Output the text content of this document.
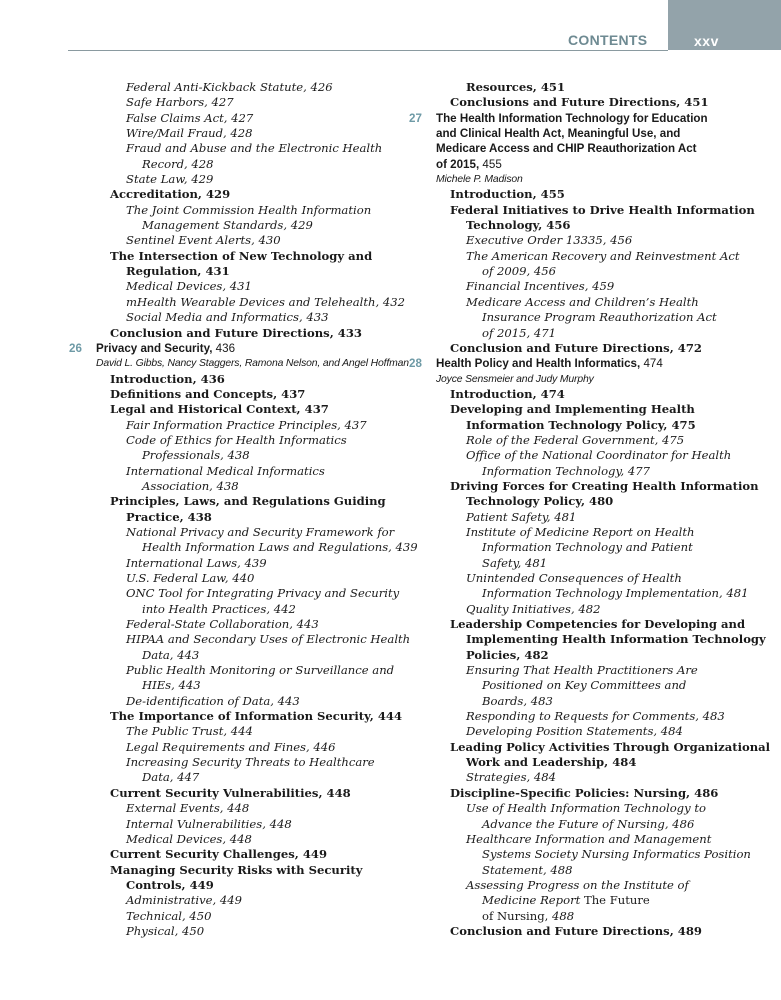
CONTENTS	xxv
Federal Anti-Kickback Statute, 426
Safe Harbors, 427
False Claims Act, 427
Wire/Mail Fraud, 428
Fraud and Abuse and the Electronic Health
Record, 428
State Law, 429
Accreditation, 429
The Joint Commission Health Information
Management Standards, 429
Sentinel Event Alerts, 430
The Intersection of New Technology and
Regulation, 431
Medical Devices, 431
mHealth Wearable Devices and Telehealth, 432
Social Media and Informatics, 433
Conclusion and Future Directions, 433
26 Privacy and Security, 436
David L. Gibbs, Nancy Staggers, Ramona Nelson, and Angel Hoffman
Introduction, 436
Definitions and Concepts, 437
Legal and Historical Context, 437
Fair Information Practice Principles, 437
Code of Ethics for Health Informatics
Professionals, 438
International Medical Informatics
Association, 438
Principles, Laws, and Regulations Guiding
Practice, 438
National Privacy and Security Framework for
Health Information Laws and Regulations, 439
International Laws, 439
U.S. Federal Law, 440
ONC Tool for Integrating Privacy and Security
into Health Practices, 442
Federal-State Collaboration, 443
HIPAA and Secondary Uses of Electronic Health
Data, 443
Public Health Monitoring or Surveillance and
HIEs, 443
De-identification of Data, 443
The Importance of Information Security, 444
The Public Trust, 444
Legal Requirements and Fines, 446
Increasing Security Threats to Healthcare
Data, 447
Current Security Vulnerabilities, 448
External Events, 448
Internal Vulnerabilities, 448
Medical Devices, 448
Current Security Challenges, 449
Managing Security Risks with Security
Controls, 449
Administrative, 449
Technical, 450
Physical, 450
Resources, 451
Conclusions and Future Directions, 451
27 The Health Information Technology for Education
and Clinical Health Act, Meaningful Use, and
Medicare Access and CHIP Reauthorization Act
of 2015, 455
Michele P. Madison
Introduction, 455
Federal Initiatives to Drive Health Information
Technology, 456
Executive Order 13335, 456
The American Recovery and Reinvestment Act
of 2009, 456
Financial Incentives, 459
Medicare Access and Children’s Health
Insurance Program Reauthorization Act
of 2015, 471
Conclusion and Future Directions, 472
28 Health Policy and Health Informatics, 474
Joyce Sensmeier and Judy Murphy
Introduction, 474
Developing and Implementing Health
Information Technology Policy, 475
Role of the Federal Government, 475
Office of the National Coordinator for Health
Information Technology, 477
Driving Forces for Creating Health Information
Technology Policy, 480
Patient Safety, 481
Institute of Medicine Report on Health
Information Technology and Patient
Safety, 481
Unintended Consequences of Health
Information Technology Implementation, 481
Quality Initiatives, 482
Leadership Competencies for Developing and
Implementing Health Information Technology
Policies, 482
Ensuring That Health Practitioners Are
Positioned on Key Committees and
Boards, 483
Responding to Requests for Comments, 483
Developing Position Statements, 484
Leading Policy Activities Through Organizational
Work and Leadership, 484
Strategies, 484
Discipline-Specific Policies: Nursing, 486
Use of Health Information Technology to
Advance the Future of Nursing, 486
Healthcare Information and Management
Systems Society Nursing Informatics Position
Statement, 488
Assessing Progress on the Institute of
Medicine Report The Future
of Nursing, 488
Conclusion and Future Directions, 489
